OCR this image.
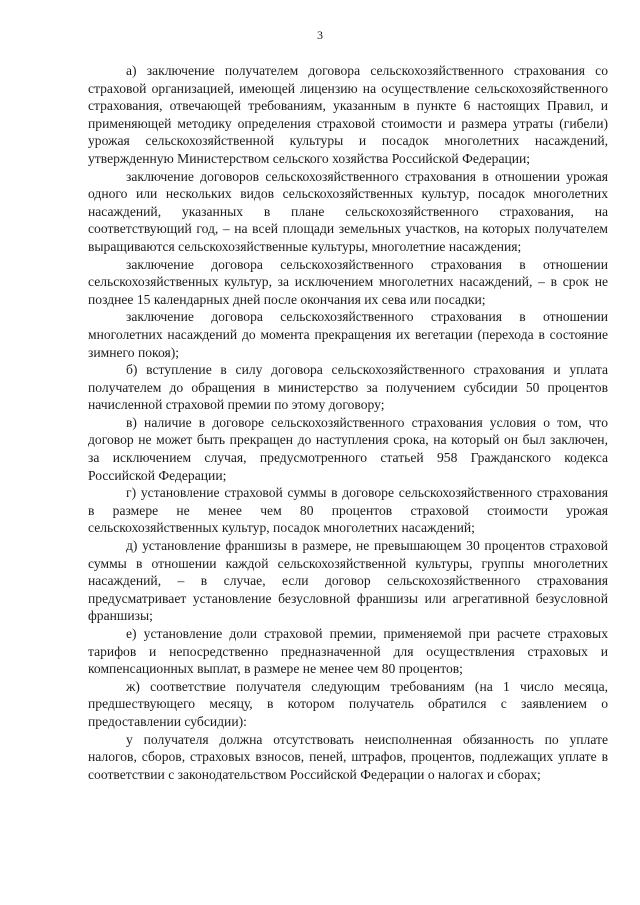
3

а) заключение получателем договора сельскохозяйственного страхования со страховой организацией, имеющей лицензию на осуществление сельскохозяйственного страхования, отвечающей требованиям, указанным в пункте 6 настоящих Правил, и применяющей методику определения страховой стоимости и размера утраты (гибели) урожая сельскохозяйственной культуры и посадок многолетних насаждений, утвержденную Министерством сельского хозяйства Российской Федерации;

заключение договоров сельскохозяйственного страхования в отношении урожая одного или нескольких видов сельскохозяйственных культур, посадок многолетних насаждений, указанных в плане сельскохозяйственного страхования, на соответствующий год, – на всей площади земельных участков, на которых получателем выращиваются сельскохозяйственные культуры, многолетние насаждения;

заключение договора сельскохозяйственного страхования в отношении сельскохозяйственных культур, за исключением многолетних насаждений, – в срок не позднее 15 календарных дней после окончания их сева или посадки;

заключение договора сельскохозяйственного страхования в отношении многолетних насаждений до момента прекращения их вегетации (перехода в состояние зимнего покоя);

б) вступление в силу договора сельскохозяйственного страхования и уплата получателем до обращения в министерство за получением субсидии 50 процентов начисленной страховой премии по этому договору;

в) наличие в договоре сельскохозяйственного страхования условия о том, что договор не может быть прекращен до наступления срока, на который он был заключен, за исключением случая, предусмотренного статьей 958 Гражданского кодекса Российской Федерации;

г) установление страховой суммы в договоре сельскохозяйственного страхования в размере не менее чем 80 процентов страховой стоимости урожая сельскохозяйственных культур, посадок многолетних насаждений;

д) установление франшизы в размере, не превышающем 30 процентов страховой суммы в отношении каждой сельскохозяйственной культуры, группы многолетних насаждений, – в случае, если договор сельскохозяйственного страхования предусматривает установление безусловной франшизы или агрегативной безусловной франшизы;

е) установление доли страховой премии, применяемой при расчете страховых тарифов и непосредственно предназначенной для осуществления страховых и компенсационных выплат, в размере не менее чем 80 процентов;

ж) соответствие получателя следующим требованиям (на 1 число месяца, предшествующего месяцу, в котором получатель обратился с заявлением о предоставлении субсидии):

у получателя должна отсутствовать неисполненная обязанность по уплате налогов, сборов, страховых взносов, пеней, штрафов, процентов, подлежащих уплате в соответствии с законодательством Российской Федерации о налогах и сборах;
